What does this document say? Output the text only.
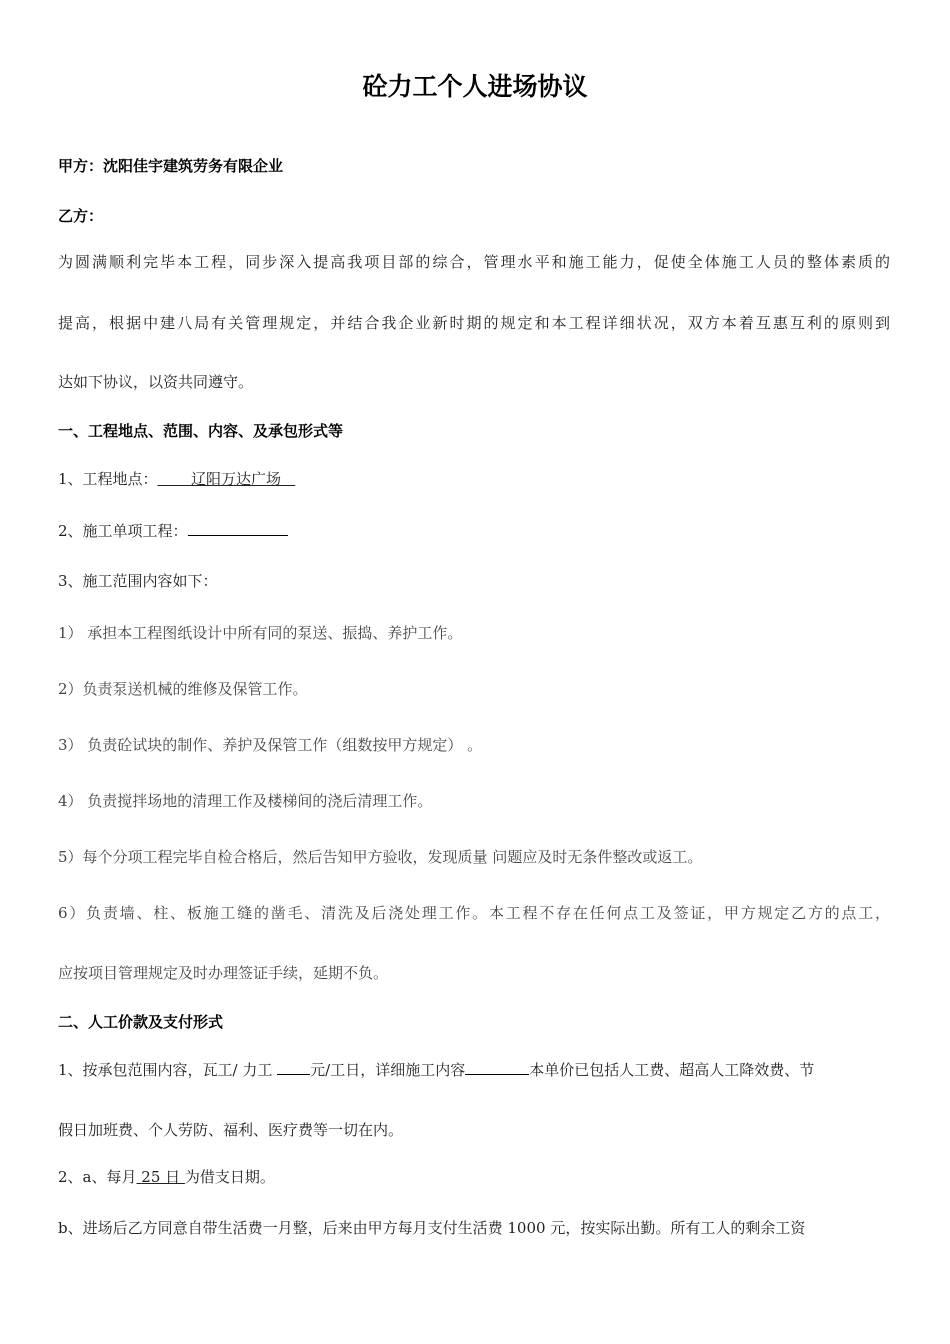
砼力工个人进场协议
甲方：沈阳佳宇建筑劳务有限企业
乙方：
为圆满顺利完毕本工程，同步深入提高我项目部的综合，管理水平和施工能力，促使全体施工人员的整体素质的
提高，根据中建八局有关管理规定，并结合我企业新时期的规定和本工程详细状况，双方本着互惠互利的原则到
达如下协议，以资共同遵守。
一、工程地点、范围、内容、及承包形式等
1、工程地点： 辽阳万达广场
2、施工单项工程：
3、施工范围内容如下：
1） 承担本工程图纸设计中所有同的泵送、振捣、养护工作。
2）负责泵送机械的维修及保管工作。
3） 负责砼试块的制作、养护及保管工作（组数按甲方规定） 。
4） 负责搅拌场地的清理工作及楼梯间的浇后清理工作。
5）每个分项工程完毕自检合格后，然后告知甲方验收，发现质量 问题应及时无条件整改或返工。
6）负责墙、柱、板施工缝的凿毛、清洗及后浇处理工作。本工程不存在任何点工及签证，甲方规定乙方的点工，
应按项目管理规定及时办理签证手续，延期不负。
二、人工价款及支付形式
1、按承包范围内容，瓦工/ 力工 元/工日，详细施工内容	本单价已包括人工费、超高人工降效费、节
假日加班费、个人劳防、福利、医疗费等一切在内。
2、a、每月 25 日 为借支日期。
b、进场后乙方同意自带生活费一月整，后来由甲方每月支付生活费 1000 元，按实际出勤。所有工人的剩余工资
